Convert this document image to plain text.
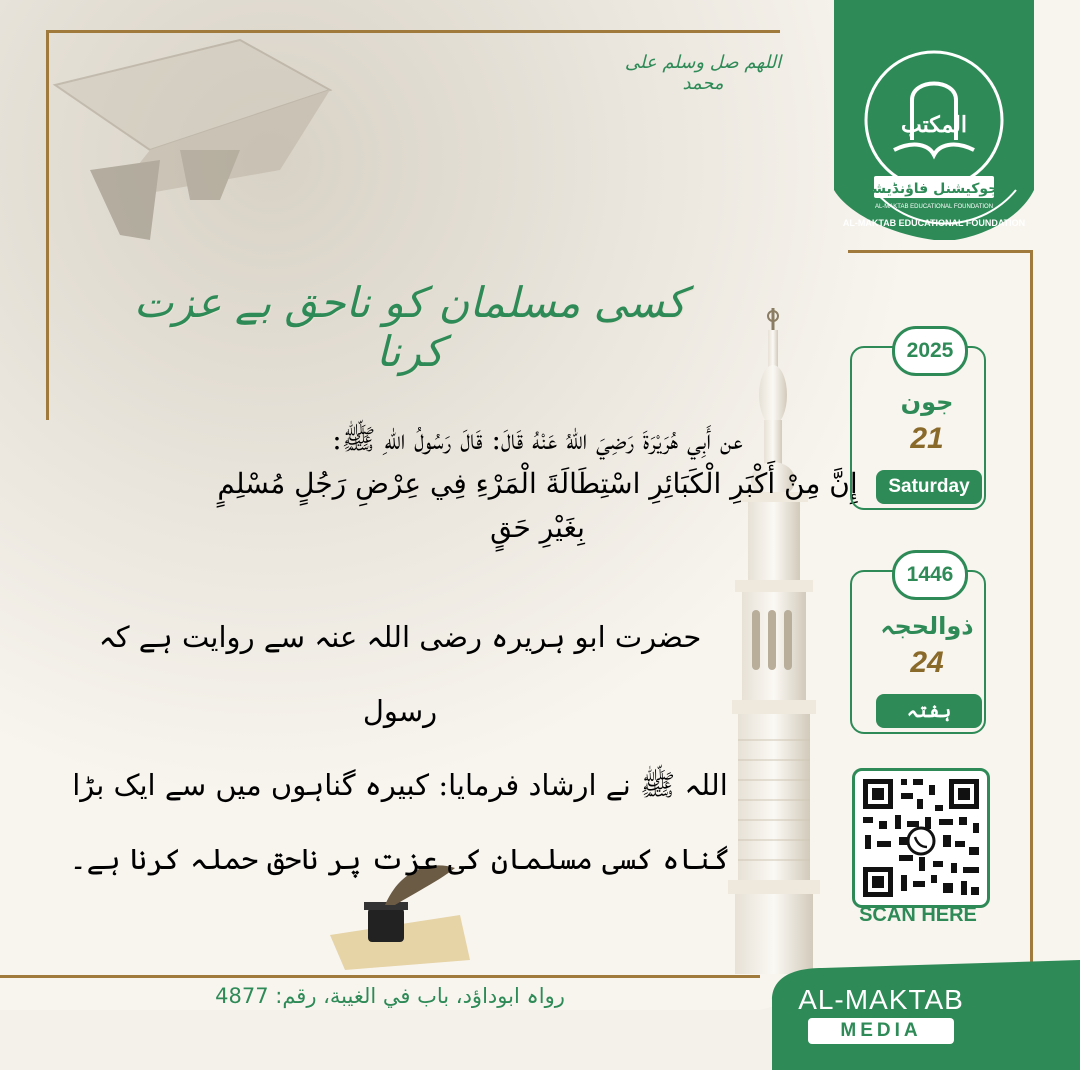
اللھم صل وسلم علی محمد
کسی مسلمان کو ناحق بے عزت کرنا
عن أَبِي هُرَيْرَةَ رَضِيَ اللهُ عَنْهُ قَالَ: قَالَ رَسُولُ اللهِ ﷺ:
إِنَّ مِنْ أَكْبَرِ الْكَبَائِرِ اسْتِطَالَةَ الْمَرْءِ فِي عِرْضِ رَجُلٍ مُسْلِمٍ
بِغَيْرِ حَقٍ
حضرت ابو ہریرہ رضی اللہ عنہ سے روایت ہے کہ رسول
اللہ ﷺ نے ارشاد فرمایا: کبیرہ گناہوں میں سے ایک بڑا
گناہ کسی مسلمان کی عزت پر ناحق حملہ کرنا ہے۔
رواہ ابوداؤد، باب في الغيبة، رقم: 4877
المكتب
ایجوکیشنل فاؤنڈیشن
AL-MAKTAB EDUCATIONAL FOUNDATION
AL-MAKTAB EDUCATIONAL FOUNDATION
2025
جون
21
Saturday
1446
ذوالحجہ
24
ہفتہ
SCAN HERE
AL-MAKTAB
MEDIA
